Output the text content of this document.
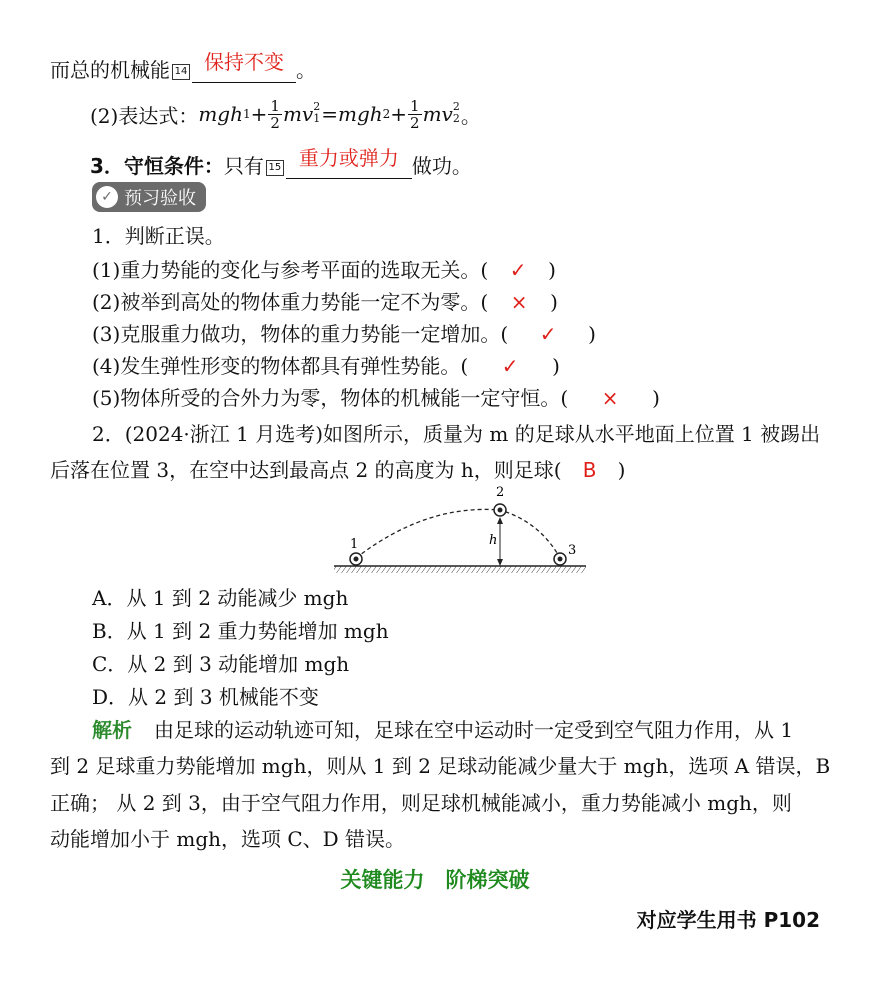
而总的机械能 14 保持不变 。
(2)表达式： mgh $1 + \frac{1}{2}$ mv 2
1 =mgh $2 + \frac{1}{2}$ mv 2
2 。
3．守恒条件：只有 15 重力或弹力 做功。
✓ 预习验收
1．判断正误。
(1)重力势能的变化与参考平面的选取无关。( ✓ )
(2)被举到高处的物体重力势能一定不为零。( × )
(3)克服重力做功，物体的重力势能一定增加。( ✓ )
(4)发生弹性形变的物体都具有弹性势能。( ✓ )
(5)物体所受的合外力为零，物体的机械能一定守恒。( × )
2．(2024·浙江 1 月选考)如图所示，质量为 m 的足球从水平地面上位置 1 被踢出
后落在位置 3，在空中达到最高点 2 的高度为 h，则足球( B )
1
2
3
h
A．从 1 到 2 动能减少 mgh
B．从 1 到 2 重力势能增加 mgh
C．从 2 到 3 动能增加 mgh
D．从 2 到 3 机械能不变
解析 由足球的运动轨迹可知，足球在空中运动时一定受到空气阻力作用，从 1
到 2 足球重力势能增加 mgh，则从 1 到 2 足球动能减少量大于 mgh，选项 A 错误，B
正确； 从 2 到 3，由于空气阻力作用，则足球机械能减小，重力势能减小 mgh，则
动能增加小于 mgh，选项 C、D 错误。
关键能力　阶梯突破
对应学生用书 P102
